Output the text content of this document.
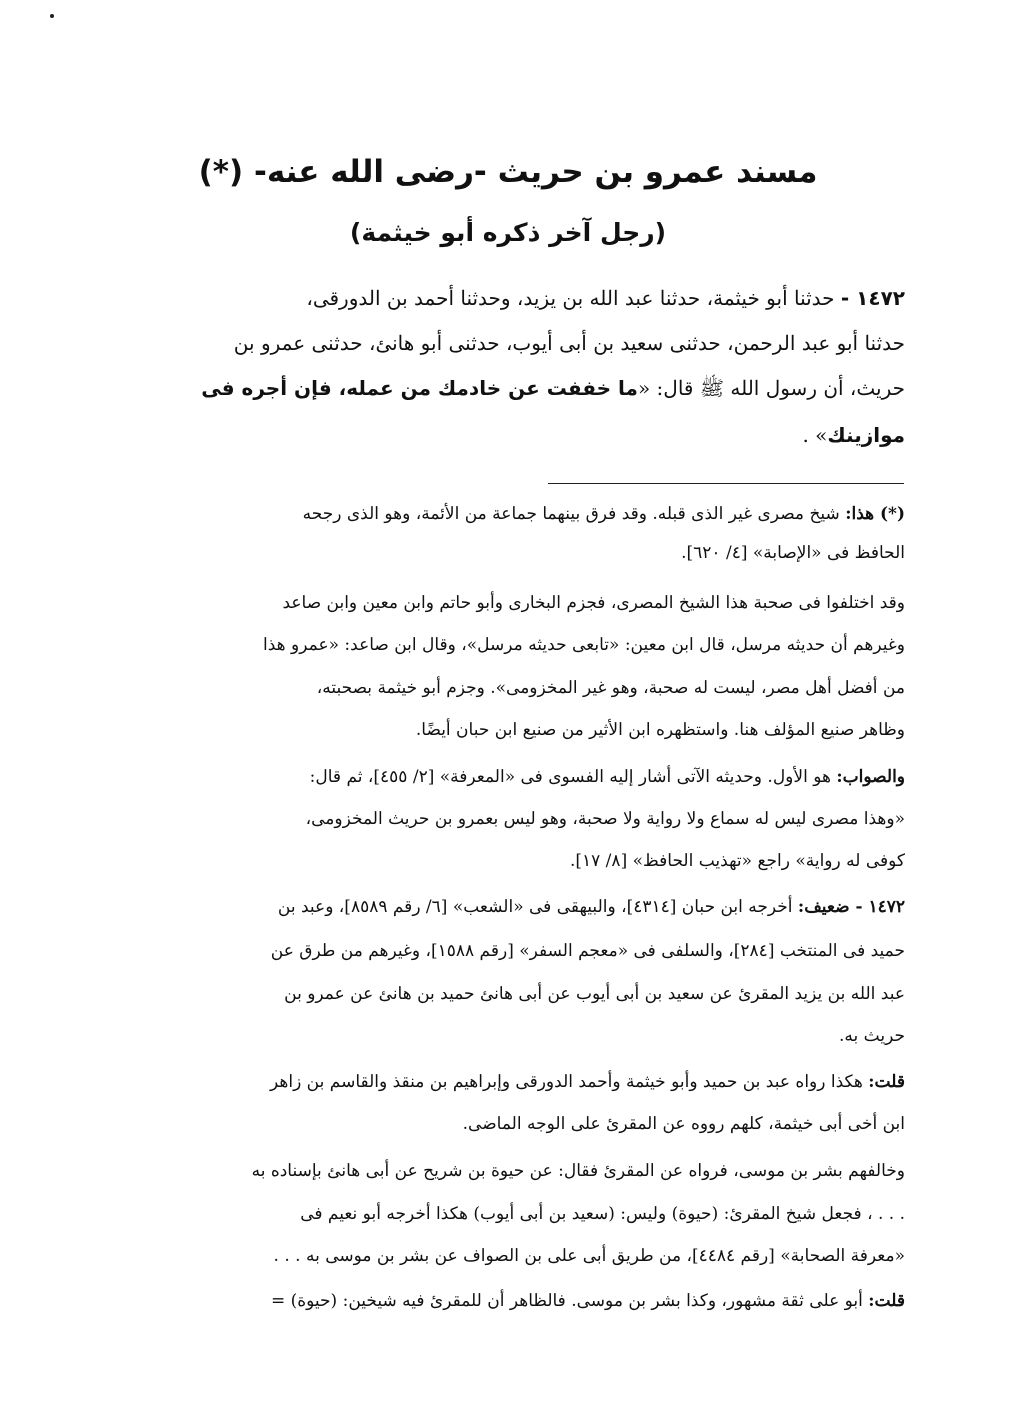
مسند عمرو بن حريث -رضى الله عنه- (*)
(رجل آخر ذكره أبو خيثمة)
١٤٧٢ - حدثنا أبو خيثمة، حدثنا عبد الله بن يزيد، وحدثنا أحمد بن الدورقى،
حدثنا أبو عبد الرحمن، حدثنى سعيد بن أبى أيوب، حدثنى أبو هانئ، حدثنى عمرو بن
حريث، أن رسول الله ﷺ قال: «ما خففت عن خادمك من عمله، فإن أجره فى
موازينك» .
(*) هذا: شيخ مصرى غير الذى قبله. وقد فرق بينهما جماعة من الأئمة، وهو الذى رجحه
الحافظ فى «الإصابة» [٤/ ٦٢٠].
وقد اختلفوا فى صحبة هذا الشيخ المصرى، فجزم البخارى وأبو حاتم وابن معين وابن صاعد
وغيرهم أن حديثه مرسل، قال ابن معين: «تابعى حديثه مرسل»، وقال ابن صاعد: «عمرو هذا
من أفضل أهل مصر، ليست له صحبة، وهو غير المخزومى». وجزم أبو خيثمة بصحبته،
وظاهر صنيع المؤلف هنا. واستظهره ابن الأثير من صنيع ابن حبان أيضًا.
والصواب: هو الأول. وحديثه الآتى أشار إليه الفسوى فى «المعرفة» [٢/ ٤٥٥]، ثم قال:
«وهذا مصرى ليس له سماع ولا رواية ولا صحبة، وهو ليس بعمرو بن حريث المخزومى،
كوفى له رواية» راجع «تهذيب الحافظ» [٨/ ١٧].
١٤٧٢ - ضعيف: أخرجه ابن حبان [٤٣١٤]، والبيهقى فى «الشعب» [٦/ رقم ٨٥٨٩]، وعبد بن
حميد فى المنتخب [٢٨٤]، والسلفى فى «معجم السفر» [رقم ١٥٨٨]، وغيرهم من طرق عن
عبد الله بن يزيد المقرئ عن سعيد بن أبى أيوب عن أبى هانئ حميد بن هانئ عن عمرو بن
حريث به.
قلت: هكذا رواه عبد بن حميد وأبو خيثمة وأحمد الدورقى وإبراهيم بن منقذ والقاسم بن زاهر
ابن أخى أبى خيثمة، كلهم رووه عن المقرئ على الوجه الماضى.
وخالفهم بشر بن موسى، فرواه عن المقرئ فقال: عن حيوة بن شريح عن أبى هانئ بإسناده به
. . . ، فجعل شيخ المقرئ: (حيوة) وليس: (سعيد بن أبى أيوب) هكذا أخرجه أبو نعيم فى
«معرفة الصحابة» [رقم ٤٤٨٤]، من طريق أبى على بن الصواف عن بشر بن موسى به . . .
قلت: أبو على ثقة مشهور، وكذا بشر بن موسى. فالظاهر أن للمقرئ فيه شيخين: (حيوة) =
